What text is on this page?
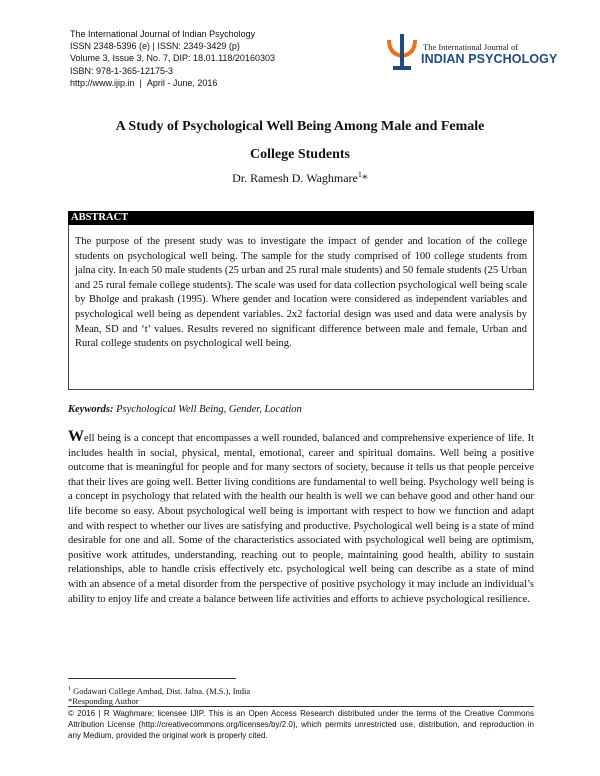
The International Journal of Indian Psychology
ISSN 2348-5396 (e) | ISSN: 2349-3429 (p)
Volume 3, Issue 3, No. 7, DIP: 18.01.118/20160303
ISBN: 978-1-365-12175-3
http://www.ijip.in  |  April - June, 2016
The International Journal of
INDIAN PSYCHOLOGY
A Study of Psychological Well Being Among Male and Female
College Students
Dr. Ramesh D. Waghmare$^1$*
ABSTRACT
The purpose of the present study was to investigate the impact of gender and location of the college students on psychological well being. The sample for the study comprised of 100 college students from jalna city. In each 50 male students (25 urban and 25 rural male students) and 50 female students (25 Urban and 25 rural female college students). The scale was used for data collection psychological well being scale by Bholge and prakash (1995). Where gender and location were considered as independent variables and psychological well being as dependent variables. 2x2 factorial design was used and data were analysis by Mean, SD and ‘t’ values. Results revered no significant difference between male and female, Urban and Rural college students on psychological well being.
Keywords: Psychological Well Being, Gender, Location
Well being is a concept that encompasses a well rounded, balanced and comprehensive experience of life. It includes health in social, physical, mental, emotional, career and spiritual domains. Well being a positive outcome that is meaningful for people and for many sectors of society, because it tells us that people perceive that their lives are going well. Better living conditions are fundamental to well being. Psychology well being is a concept in psychology that related with the health our health is well we can behave good and other hand our life become so easy. About psychological well being is important with respect to how we function and adapt and with respect to whether our lives are satisfying and productive. Psychological well being is a state of mind desirable for one and all. Some of the characteristics associated with psychological well being are optimism, positive work attitudes, understanding, reaching out to people, maintaining good health, ability to sustain relationships, able to handle crisis effectively etc. psychological well being can describe as a state of mind with an absence of a metal disorder from the perspective of positive psychology it may include an individual’s ability to enjoy life and create a balance between life activities and efforts to achieve psychological resilience.
$^1$ Godawari College Ambad, Dist. Jalna. (M.S.), India
*Responding Author
© 2016 | R Waghmare; licensee IJIP. This is an Open Access Research distributed under the terms of the Creative Commons Attribution License (http://creativecommons.org/licenses/by/2.0), which permits unrestricted use, distribution, and reproduction in any Medium, provided the original work is properly cited.
